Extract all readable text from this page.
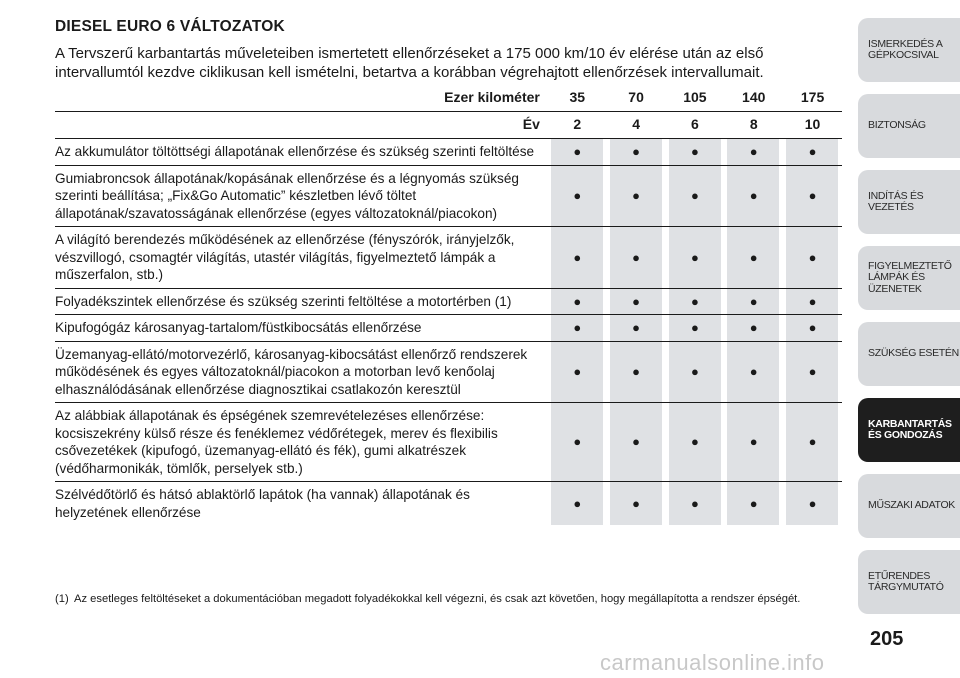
DIESEL EURO 6 VÁLTOZATOK
A Tervszerű karbantartás műveleteiben ismertetett ellenőrzéseket a 175 000 km/10 év elérése után az első intervallumtól kezdve ciklikusan kell ismételni, betartva a korábban végrehajtott ellenőrzések intervallumait.
Ezer kilométer	35	70	105	140	175
Év	2	4	6	8	10
Az akkumulátor töltöttségi állapotának ellenőrzése és szükség szerinti feltöltése	●	●	●	●	●
Gumiabroncsok állapotának/kopásának ellenőrzése és a légnyomás szükség szerinti beállítása; „Fix&Go Automatic” készletben lévő töltet állapotának/szavatosságának ellenőrzése (egyes változatoknál/piacokon)	●	●	●	●	●
A világító berendezés működésének az ellenőrzése (fényszórók, irányjelzők, vészvillogó, csomagtér világítás, utastér világítás, figyelmeztető lámpák a műszerfalon, stb.)	●	●	●	●	●
Folyadékszintek ellenőrzése és szükség szerinti feltöltése a motortérben (1)	●	●	●	●	●
Kipufogógáz károsanyag-tartalom/füstkibocsátás ellenőrzése	●	●	●	●	●
Üzemanyag-ellátó/motorvezérlő, károsanyag-kibocsátást ellenőrző rendszerek működésének és egyes változatoknál/piacokon a motorban levő kenőolaj elhasználódásának ellenőrzése diagnosztikai csatlakozón keresztül	●	●	●	●	●
Az alábbiak állapotának és épségének szemrevételezéses ellenőrzése: kocsiszekrény külső része és fenéklemez védőrétegek, merev és flexibilis csővezetékek (kipufogó, üzemanyag-ellátó és fék), gumi alkatrészek (védőharmonikák, tömlők, perselyek stb.)	●	●	●	●	●
Szélvédőtörlő és hátsó ablaktörlő lapátok (ha vannak) állapotának és helyzetének ellenőrzése	●	●	●	●	●
(1) Az esetleges feltöltéseket a dokumentációban megadott folyadékokkal kell végezni, és csak azt követően, hogy megállapította a rendszer épségét.
ISMERKEDÉS A
GÉPKOCSIVAL
BIZTONSÁG
INDÍTÁS ÉS VEZETÉS
FIGYELMEZTETŐ
LÁMPÁK ÉS
ÜZENETEK
SZÜKSÉG ESETÉN
KARBANTARTÁS
ÉS GONDOZÁS
MŰSZAKI ADATOK
ETŰRENDES
TÁRGYMUTATÓ
205
carmanualsonline.info
